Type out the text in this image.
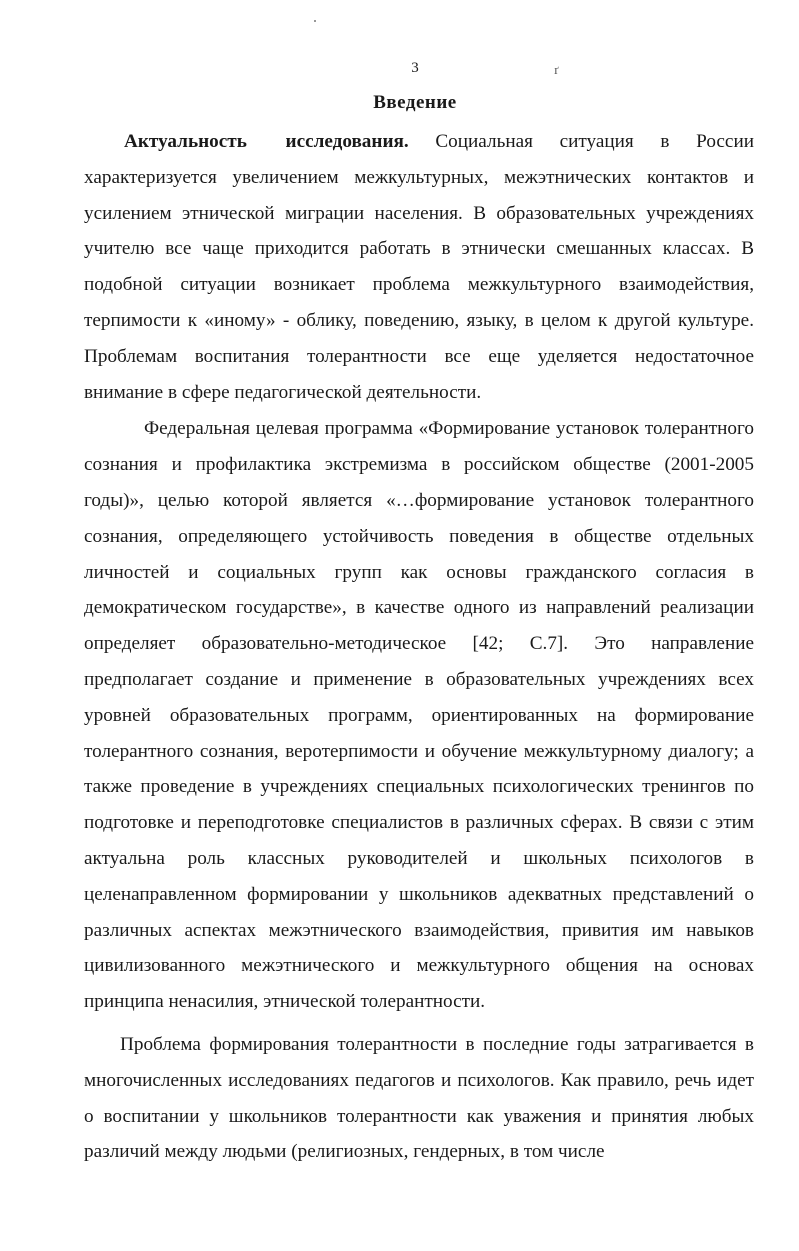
3	ґ
Введение

Актуальность исследования. Социальная ситуация в России характеризуется увеличением межкультурных, межэтнических контактов и усилением этнической миграции населения. В образовательных учреждениях учителю все чаще приходится работать в этнически смешанных классах. В подобной ситуации возникает проблема межкультурного взаимодействия, терпимости к «иному» - облику, поведению, языку, в целом к другой культуре. Проблемам воспитания толерантности все еще уделяется недостаточное внимание в сфере педагогической деятельности.

Федеральная целевая программа «Формирование установок толерантного сознания и профилактика экстремизма в российском обществе (2001-2005 годы)», целью которой является «…формирование установок толерантного сознания, определяющего устойчивость поведения в обществе отдельных личностей и социальных групп как основы гражданского согласия в демократическом государстве», в качестве одного из направлений реализации определяет образовательно-методическое [42; С.7]. Это направление предполагает создание и применение в образовательных учреждениях всех уровней образовательных программ, ориентированных на формирование толерантного сознания, веротерпимости и обучение межкультурному диалогу; а также проведение в учреждениях специальных психологических тренингов по подготовке и переподготовке специалистов в различных сферах. В связи с этим актуальна роль классных руководителей и школьных психологов в целенаправленном формировании у школьников адекватных представлений о различных аспектах межэтнического взаимодействия, привития им навыков цивилизованного межэтнического и межкультурного общения на основах принципа ненасилия, этнической толерантности.

Проблема формирования толерантности в последние годы затрагивается в многочисленных исследованиях педагогов и психологов. Как правило, речь идет о воспитании у школьников толерантности как уважения и принятия любых различий между людьми (религиозных, гендерных, в том числе
